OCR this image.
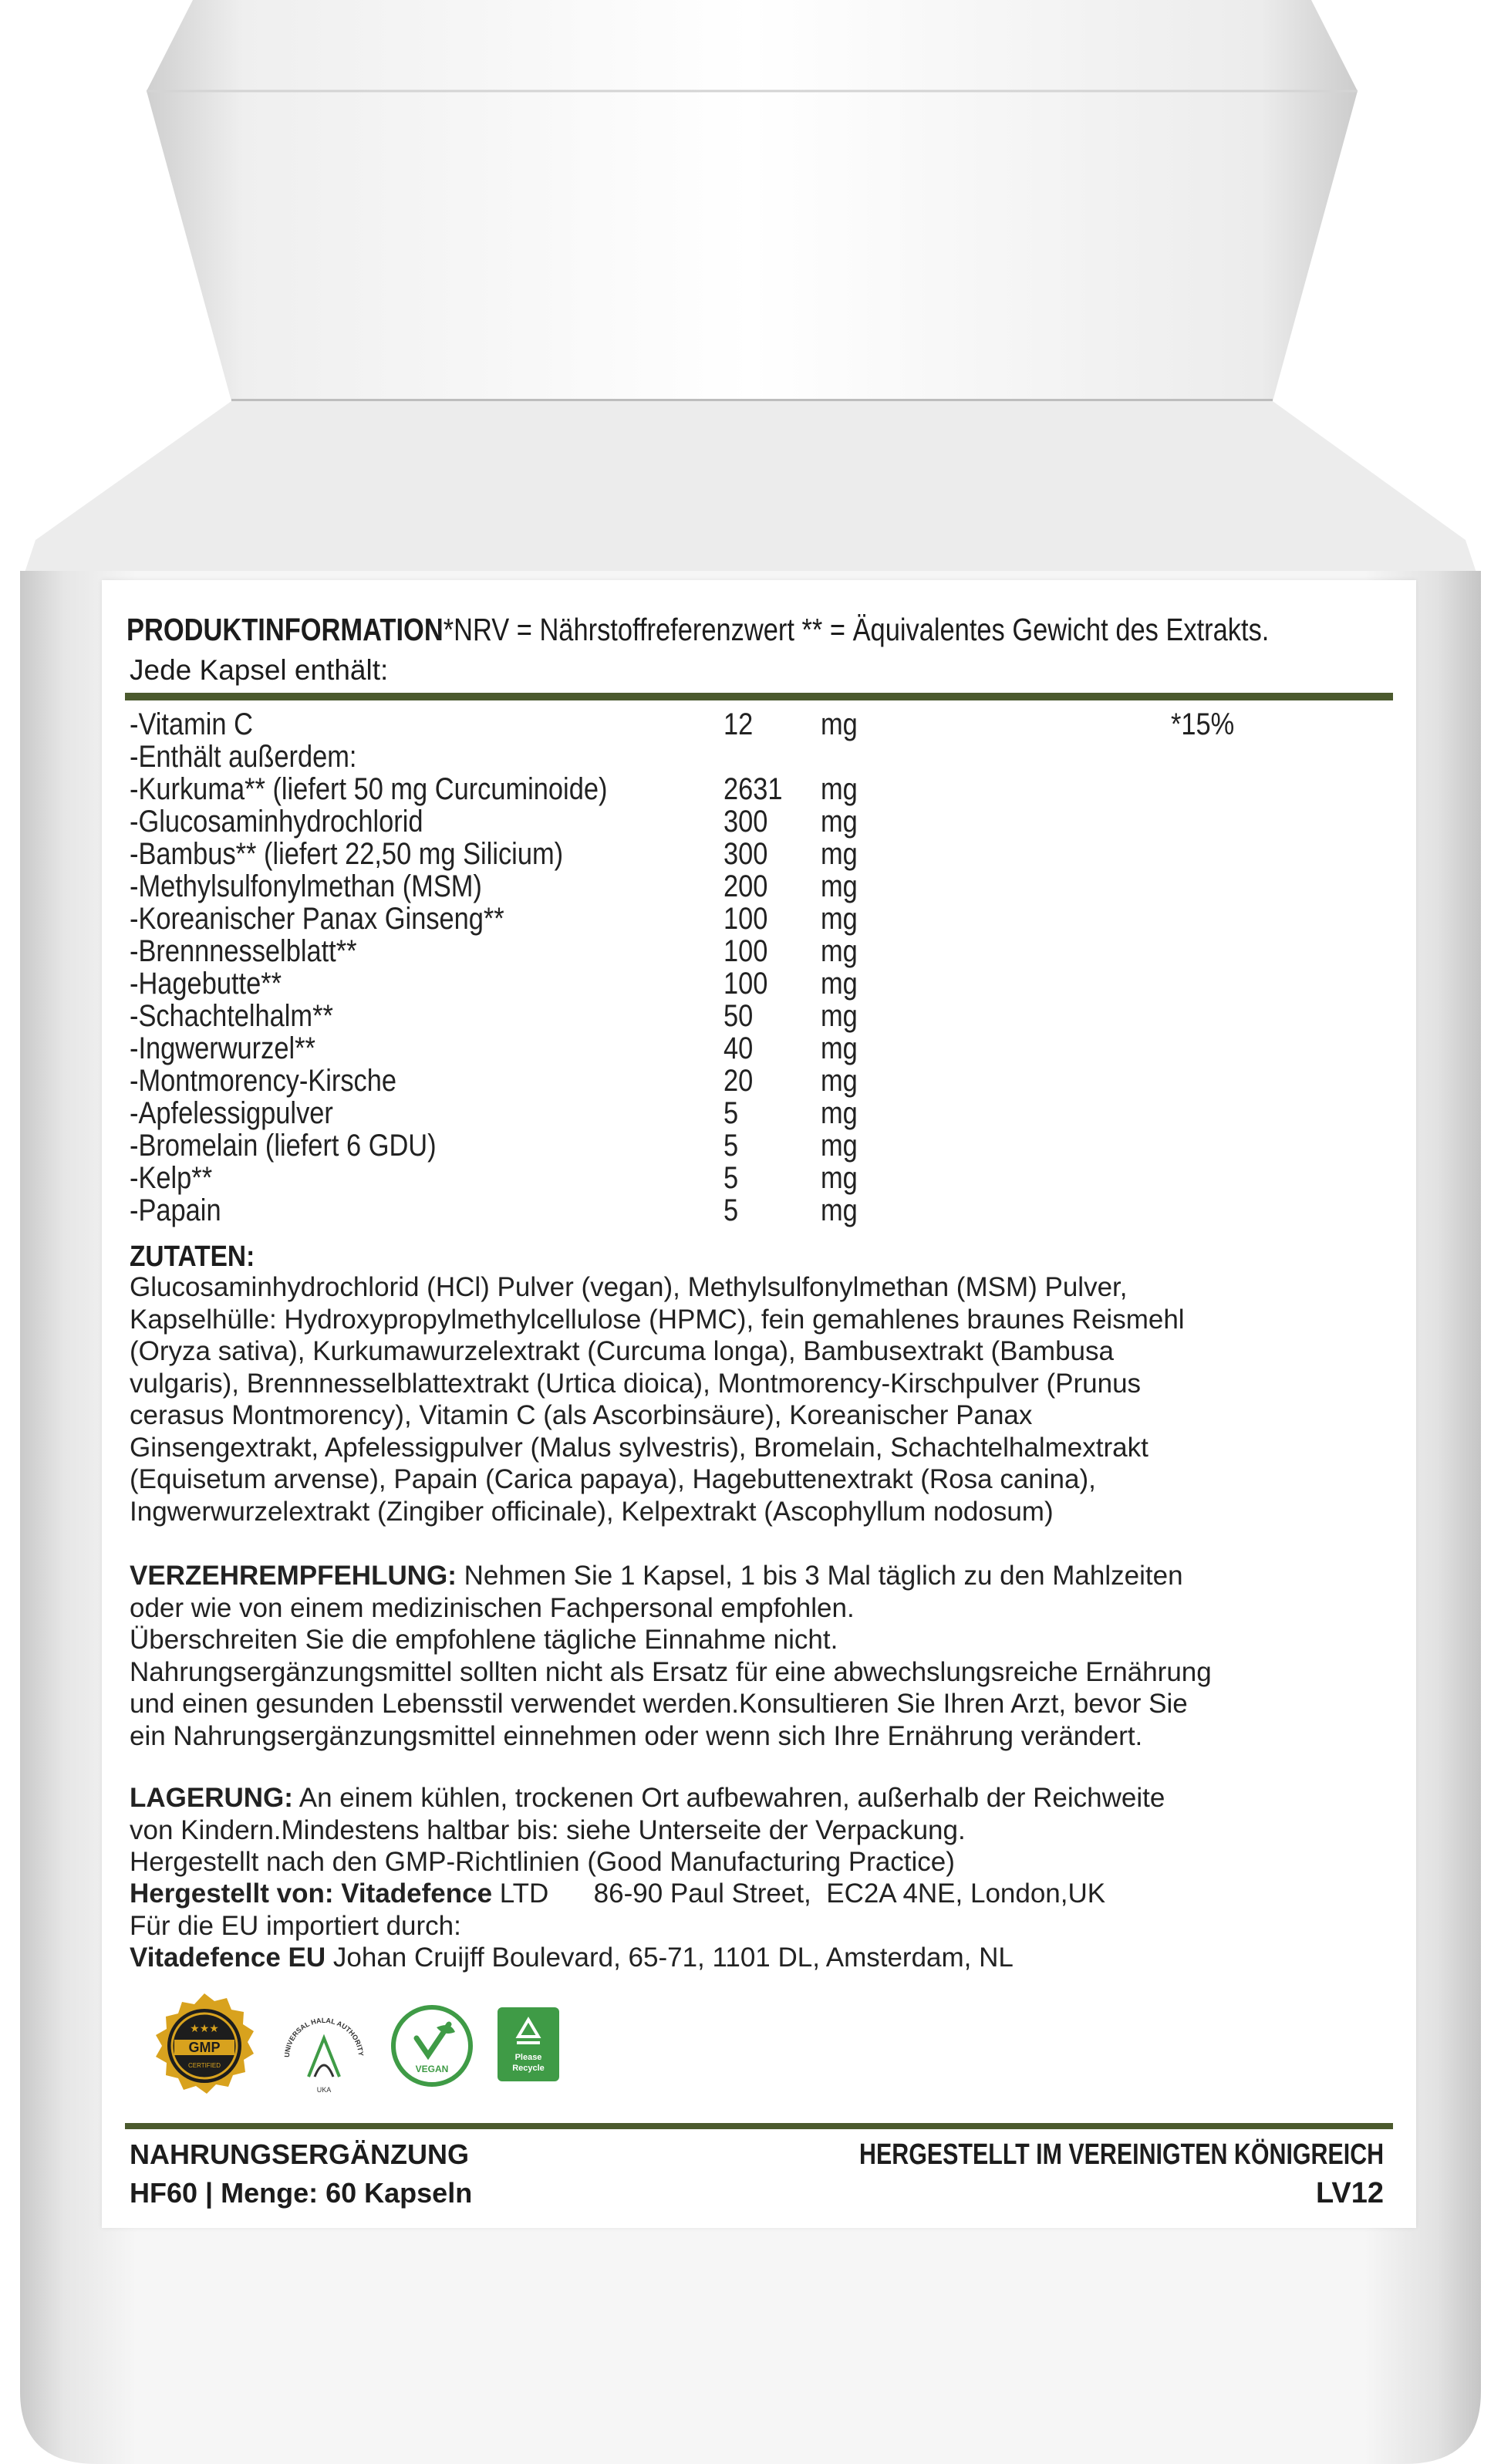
PRODUKTINFORMATION*NRV = Nährstoffreferenzwert ** = Äquivalentes Gewicht des Extrakts.
Jede Kapsel enthält:
-Vitamin C	12 mg	*15%
-Enthält außerdem:
-Kurkuma** (liefert 50 mg Curcuminoide)	2631 mg
-Glucosaminhydrochlorid	300 mg
-Bambus** (liefert 22,50 mg Silicium)	300 mg
-Methylsulfonylmethan (MSM)	200 mg
-Koreanischer Panax Ginseng**	100 mg
-Brennnesselblatt**	100 mg
-Hagebutte**	100 mg
-Schachtelhalm**	50 mg
-Ingwerwurzel**	40 mg
-Montmorency-Kirsche	20 mg
-Apfelessigpulver	5	mg
-Bromelain (liefert 6 GDU)	5	mg
-Kelp**	5	mg
-Papain	5	mg
ZUTATEN:
Glucosaminhydrochlorid (HCl) Pulver (vegan), Methylsulfonylmethan (MSM) Pulver,
Kapselhülle: Hydroxypropylmethylcellulose (HPMC), fein gemahlenes braunes Reismehl
(Oryza sativa), Kurkumawurzelextrakt (Curcuma longa), Bambusextrakt (Bambusa
vulgaris), Brennnesselblattextrakt (Urtica dioica), Montmorency-Kirschpulver (Prunus
cerasus Montmorency), Vitamin C (als Ascorbinsäure), Koreanischer Panax
Ginsengextrakt, Apfelessigpulver (Malus sylvestris), Bromelain, Schachtelhalmextrakt
(Equisetum arvense), Papain (Carica papaya), Hagebuttenextrakt (Rosa canina),
Ingwerwurzelextrakt (Zingiber officinale), Kelpextrakt (Ascophyllum nodosum)
VERZEHREMPFEHLUNG: Nehmen Sie 1 Kapsel, 1 bis 3 Mal täglich zu den Mahlzeiten
oder wie von einem medizinischen Fachpersonal empfohlen.
Überschreiten Sie die empfohlene tägliche Einnahme nicht.
Nahrungsergänzungsmittel sollten nicht als Ersatz für eine abwechslungsreiche Ernährung
und einen gesunden Lebensstil verwendet werden.Konsultieren Sie Ihren Arzt, bevor Sie
ein Nahrungsergänzungsmittel einnehmen oder wenn sich Ihre Ernährung verändert.
LAGERUNG: An einem kühlen, trockenen Ort aufbewahren, außerhalb der Reichweite
von Kindern.Mindestens haltbar bis: siehe Unterseite der Verpackung.
Hergestellt nach den GMP-Richtlinien (Good Manufacturing Practice)
Hergestellt von: Vitadefence LTD      86-90 Paul Street,  EC2A 4NE, London,UK
Für die EU importiert durch:
Vitadefence EU Johan Cruijff Boulevard, 65-71, 1101 DL, Amsterdam, NL
★★★
GMP
CERTIFIED
UNIVERSAL HALAL AUTHORITY
UKA
VEGAN
Please
Recycle
NAHRUNGSERGÄNZUNG
HF60 | Menge: 60 Kapseln
HERGESTELLT IM VEREINIGTEN KÖNIGREICH
LV12
